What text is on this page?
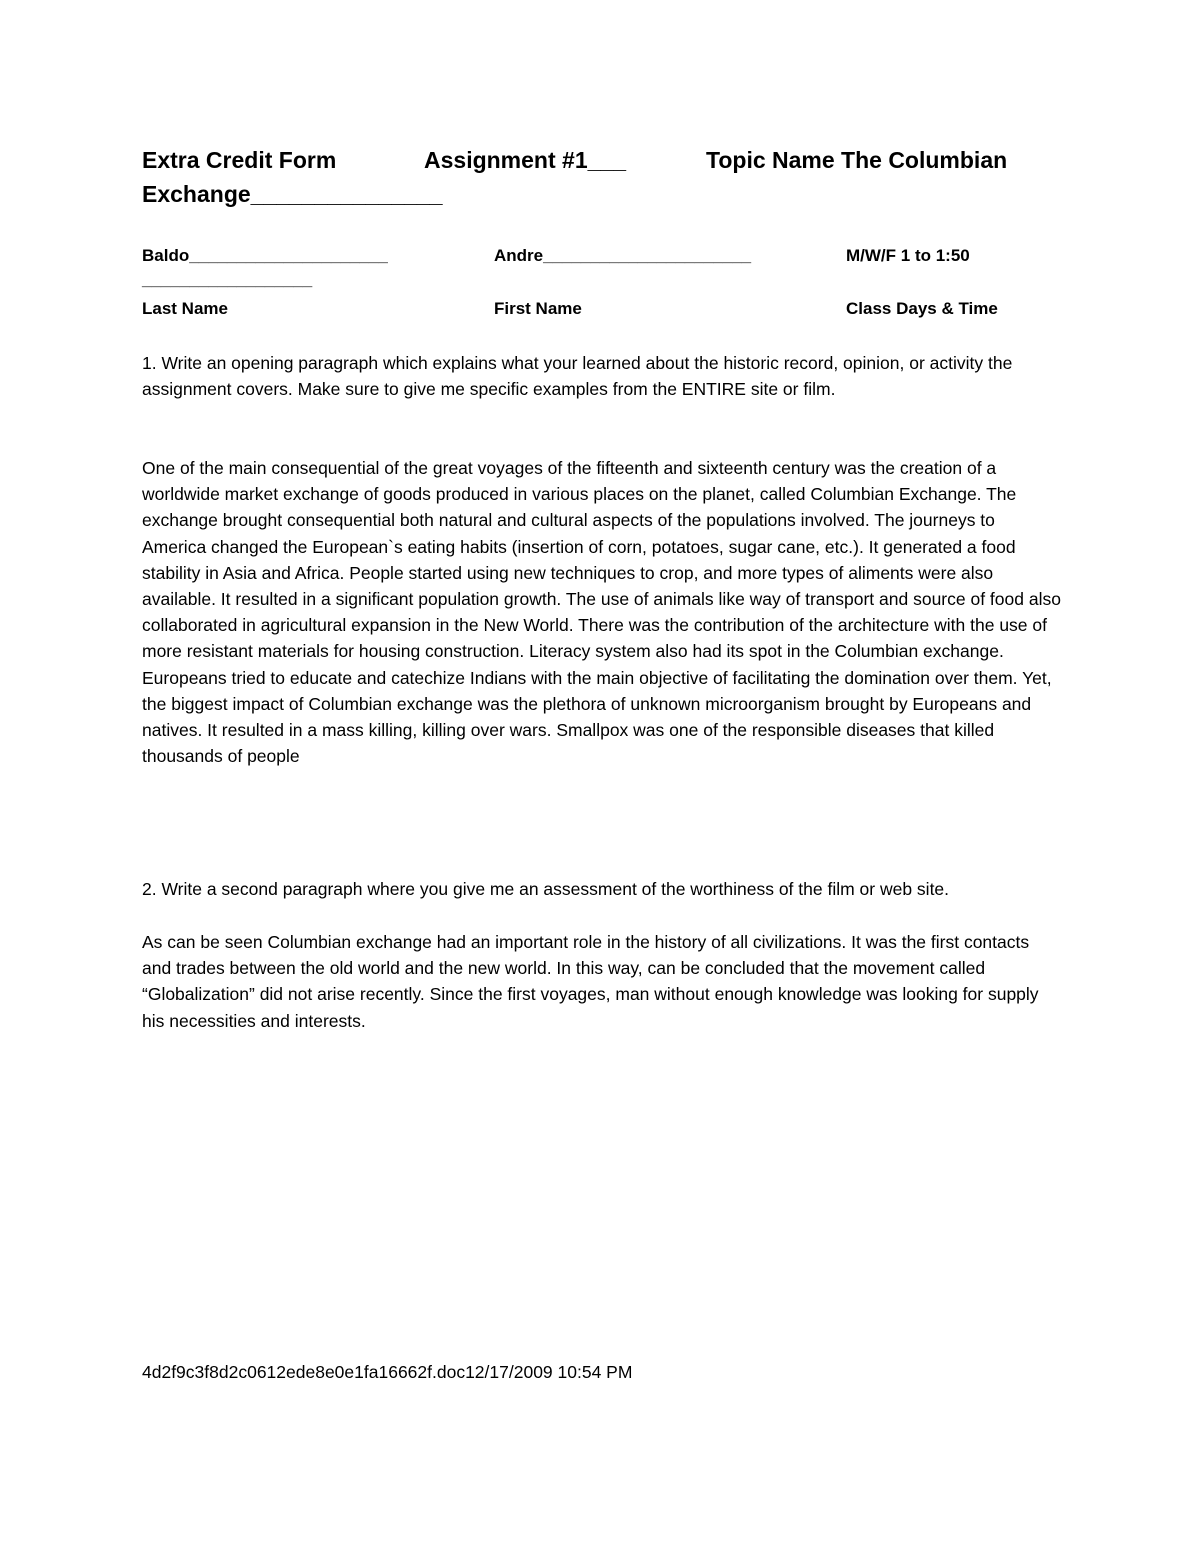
Extra Credit Form	Assignment #1___	Topic Name The Columbian
Exchange_______________
Baldo_____________________	Andre______________________	M/W/F 1 to 1:50
__________________
Last Name	First Name	Class Days & Time

1. Write an opening paragraph which explains what your learned about the historic record, opinion, or activity the assignment covers. Make sure to give me specific examples from the ENTIRE site or film.

One of the main consequential of the great voyages of the fifteenth and sixteenth century was the creation of a worldwide market exchange of goods produced in various places on the planet, called Columbian Exchange. The exchange brought consequential both natural and cultural aspects of the populations involved. The journeys to America changed the European`s eating habits (insertion of corn, potatoes, sugar cane, etc.). It generated a food stability in Asia and Africa. People started using new techniques to crop, and more types of aliments were also available. It resulted in a significant population growth. The use of animals like way of transport and source of food also collaborated in agricultural expansion in the New World. There was the contribution of the architecture with the use of more resistant materials for housing construction. Literacy system also had its spot in the Columbian exchange. Europeans tried to educate and catechize Indians with the main objective of facilitating the domination over them. Yet, the biggest impact of Columbian exchange was the plethora of unknown microorganism brought by Europeans and natives. It resulted in a mass killing, killing over wars. Smallpox was one of the responsible diseases that killed thousands of people

2. Write a second paragraph where you give me an assessment of the worthiness of the film or web site.

As can be seen Columbian exchange had an important role in the history of all civilizations. It was the first contacts and trades between the old world and the new world. In this way, can be concluded that the movement called “Globalization” did not arise recently. Since the first voyages, man without enough knowledge was looking for supply his necessities and interests.

4d2f9c3f8d2c0612ede8e0e1fa16662f.doc12/17/2009 10:54 PM
